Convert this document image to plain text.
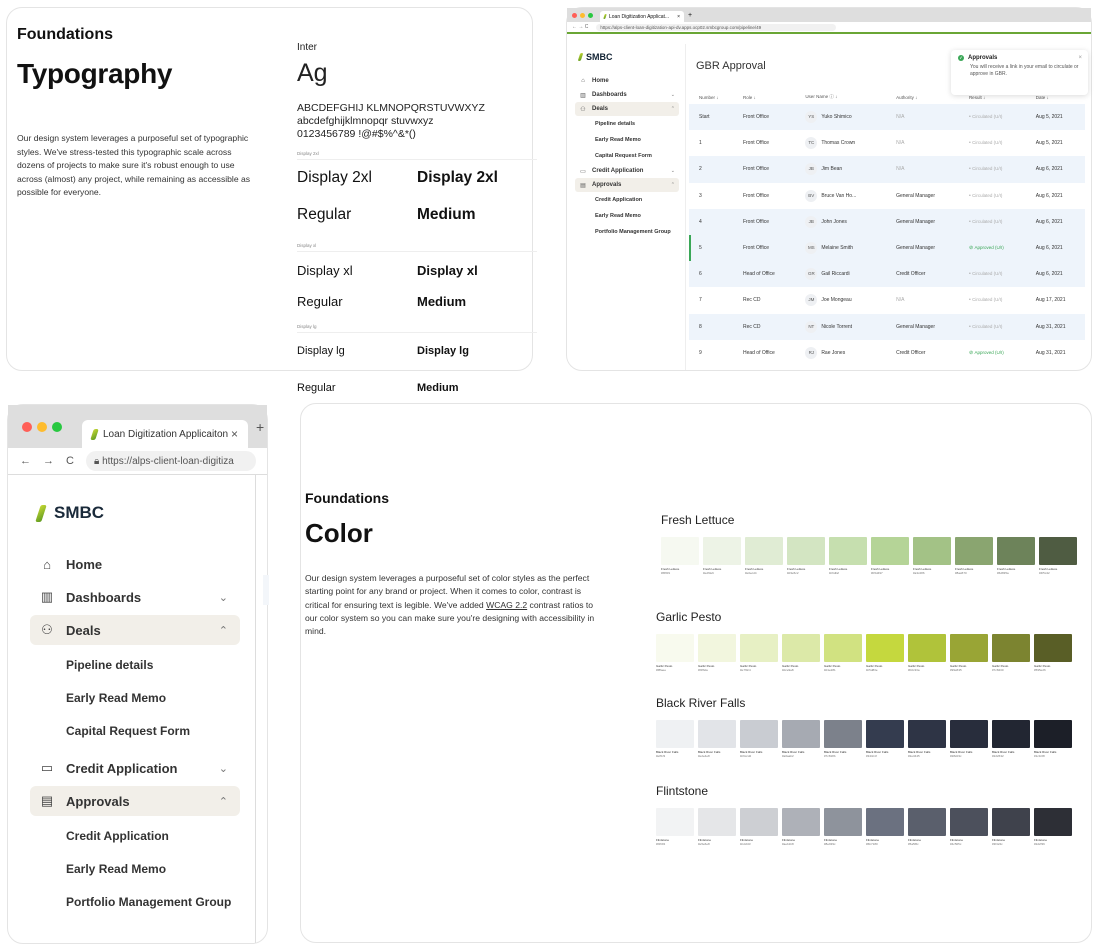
Foundations
Typography
Our design system leverages a purposeful set of typographic styles. We've stress-tested this typographic scale across dozens of projects to make sure it's robust enough to use across (almost) any project, while remaining as accessible as possible for everyone.
Inter
Ag
ABCDEFGHIJ KLMNOPQRSTUVWXYZ
abcdefghijklmnopqr stuvwxyz
0123456789 !@#$%^&*()
Display 2xl
Display 2xl	Display 2xl
Regular	Medium
Display xl
Display xl	Display xl
Regular	Medium
Display lg
Display lg	Display lg
Regular	Medium
Loan Digitization Applicat... × +
←
→
C	https://alps-client-loan-digitization-api-dv.apps.ocp02.smbcgroup.com/pipeline/49
SMBC
⌂	Home
▥ Dashboards	⌄
⚇ Deals	⌃
Pipeline details
Early Read Memo
Capital Request Form
▭ Credit Application	⌄
▤ Approvals	⌃
Credit Application
Early Read Memo
Portfolio Management Group
GBR Approval
Number ↓	Role ↓	User Name ⓘ ↓	Authority ↓	Result ↓	Date ↓
Start	Front Office	YS Yuko Shimico	N/A	• Circulated (U/I)	Aug 5, 2021
1	Front Office	TC Thomas Crown	N/A	• Circulated (U/I)	Aug 5, 2021
2	Front Office	JB Jim Bean	N/A	• Circulated (U/I)	Aug 6, 2021
3	Front Office	BV Bruce Van Ho...	General Manager	• Circulated (U/I)	Aug 6, 2021
4	Front Office	JB John Jones	General Manager	• Circulated (U/I)	Aug 6, 2021
5	Front Office	MS Melaine Smith	General Manager	⊘ Approved (U/I)	Aug 6, 2021
6	Head of Office	GR Gail Riccardi	Credit Officer	• Circulated (U/I)	Aug 6, 2021
7	Rec CD	JM Joe Mongeau	N/A	• Circulated (U/I)	Aug 17, 2021
8	Rec CD	NT Nicole Torrent	General Manager	• Circulated (U/I)	Aug 31, 2021
9	Head of Office	RJ Rae Jones	Credit Officer	⊘ Approved (U/I)	Aug 31, 2021
✓ Approvals
You will receive a link in your email to circulate or approve in GBR.
×
Loan Digitization Applicaiton × +
← → C 🔒︎
https://alps-client-loan-digitiza
SMBC
⌂	Home
▥ Dashboards	⌄
⚇ Deals	⌃
Pipeline details
Early Read Memo
Capital Request Form
▭ Credit Application	⌄
▤ Approvals	⌃
Credit Application
Early Read Memo
Portfolio Management Group
Foundations
Color
Our design system leverages a purposeful set of color styles as the perfect starting point for any brand or project. When it comes to color, contrast is critical for ensuring text is legible. We've added WCAG 2.2 contrast ratios to our color system so you can make sure you're designing with accessibility in mind.
Fresh Lettuce
Fresh Lettuce
#f6f9f1
Fresh Lettuce
#edf3e6
Fresh Lettuce
#e0ecd4
Fresh Lettuce
#d3e5c2
Fresh Lettuce
#c6dfaf
Fresh Lettuce
#b5d497
Fresh Lettuce
#a3c286
Fresh Lettuce
#8aa570
Fresh Lettuce
#6d835a
Fresh Lettuce
#4f5c42
Garlic Pesto
Garlic Pesto
#f8faee
Garlic Pesto
#f2f6de
Garlic Pesto
#e7f0c4
Garlic Pesto
#dce9a8
Garlic Pesto
#d1e281
Garlic Pesto
#c5d83e
Garlic Pesto
#b0c33a
Garlic Pesto
#99a535
Garlic Pesto
#7c8430
Garlic Pesto
#595e26
Black River Falls
Black River Falls
#eff1f3
Black River Falls
#e2e4e8
Black River Falls
#c9ccd2
Black River Falls
#a6aab2
Black River Falls
#7c818b
Black River Falls
#343c4f
Black River Falls
#2e3445
Black River Falls
#282d3c
Black River Falls
#222632
Black River Falls
#1c1f28
Flintstone
Flintstone
#f2f3f4
Flintstone
#e5e6e8
Flintstone
#cdcfd3
Flintstone
#aeb1b8
Flintstone
#8e939c
Flintstone
#6b7180
Flintstone
#5a5f6c
Flintstone
#4c505c
Flintstone
#3f424c
Flintstone
#2d2f36
